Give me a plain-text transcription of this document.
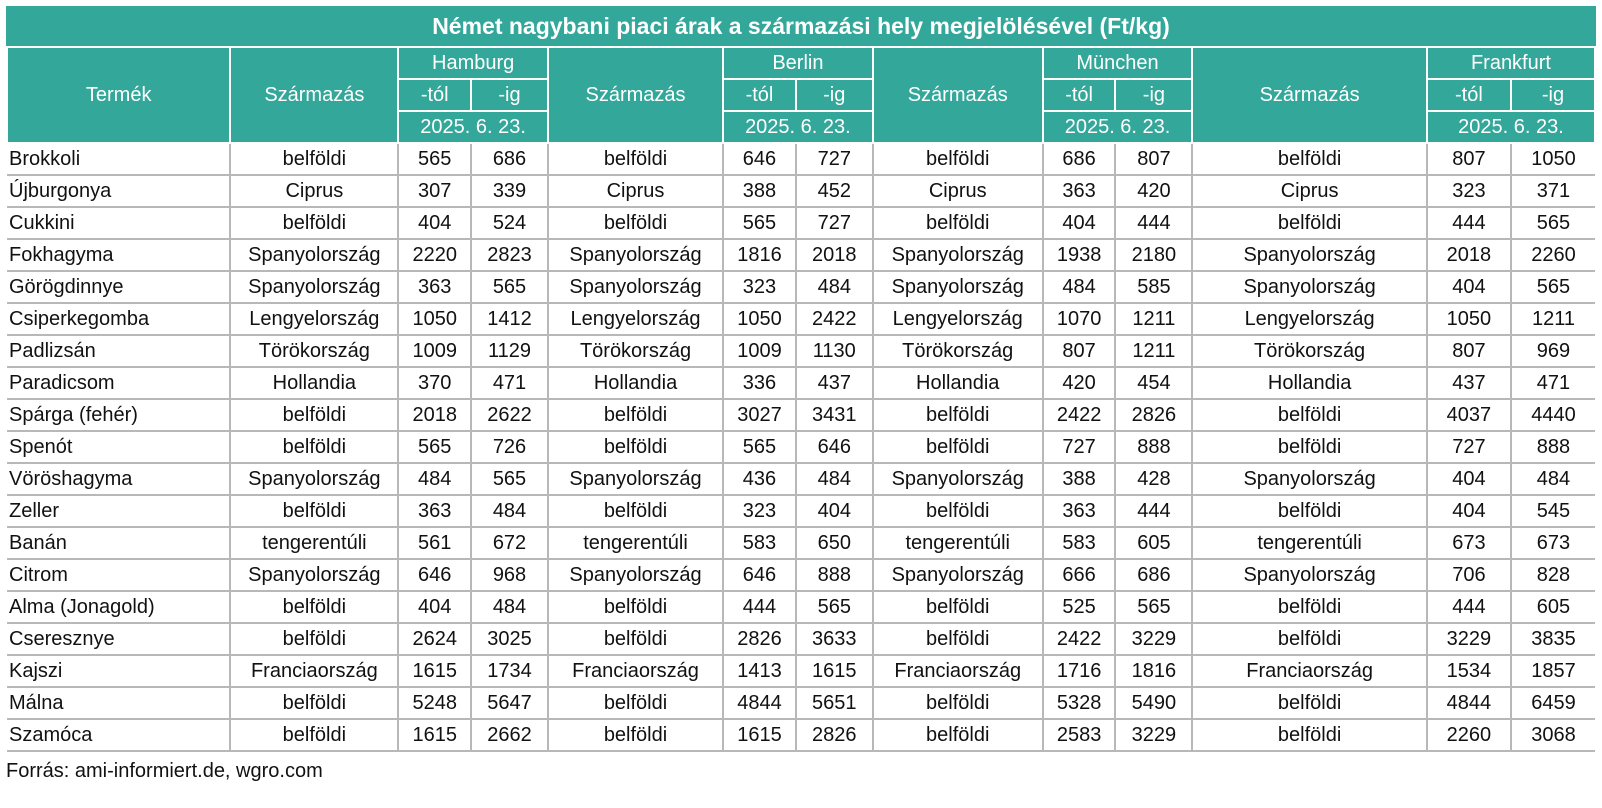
Német nagybani piaci árak a származási hely megjelölésével (Ft/kg)
Termék	Származás	Hamburg		Származás	Berlin		Származás	München		Származás	Frankfurt	
		-tól	-ig		-tól	-ig		-tól	-ig		-tól	-ig
		2025. 6. 23.			2025. 6. 23.			2025. 6. 23.			2025. 6. 23.	
Brokkoli	belföldi	565	686	belföldi	646	727	belföldi	686	807	belföldi	807	1050
Újburgonya	Ciprus	307	339	Ciprus	388	452	Ciprus	363	420	Ciprus	323	371
Cukkini	belföldi	404	524	belföldi	565	727	belföldi	404	444	belföldi	444	565
Fokhagyma	Spanyolország	2220	2823	Spanyolország	1816	2018	Spanyolország	1938	2180	Spanyolország	2018	2260
Görögdinnye	Spanyolország	363	565	Spanyolország	323	484	Spanyolország	484	585	Spanyolország	404	565
Csiperkegomba	Lengyelország	1050	1412	Lengyelország	1050	2422	Lengyelország	1070	1211	Lengyelország	1050	1211
Padlizsán	Törökország	1009	1129	Törökország	1009	1130	Törökország	807	1211	Törökország	807	969
Paradicsom	Hollandia	370	471	Hollandia	336	437	Hollandia	420	454	Hollandia	437	471
Spárga (fehér)	belföldi	2018	2622	belföldi	3027	3431	belföldi	2422	2826	belföldi	4037	4440
Spenót	belföldi	565	726	belföldi	565	646	belföldi	727	888	belföldi	727	888
Vöröshagyma	Spanyolország	484	565	Spanyolország	436	484	Spanyolország	388	428	Spanyolország	404	484
Zeller	belföldi	363	484	belföldi	323	404	belföldi	363	444	belföldi	404	545
Banán	tengerentúli	561	672	tengerentúli	583	650	tengerentúli	583	605	tengerentúli	673	673
Citrom	Spanyolország	646	968	Spanyolország	646	888	Spanyolország	666	686	Spanyolország	706	828
Alma (Jonagold)	belföldi	404	484	belföldi	444	565	belföldi	525	565	belföldi	444	605
Cseresznye	belföldi	2624	3025	belföldi	2826	3633	belföldi	2422	3229	belföldi	3229	3835
Kajszi	Franciaország	1615	1734	Franciaország	1413	1615	Franciaország	1716	1816	Franciaország	1534	1857
Málna	belföldi	5248	5647	belföldi	4844	5651	belföldi	5328	5490	belföldi	4844	6459
Szamóca	belföldi	1615	2662	belföldi	1615	2826	belföldi	2583	3229	belföldi	2260	3068
Forrás: ami-informiert.de, wgro.com
